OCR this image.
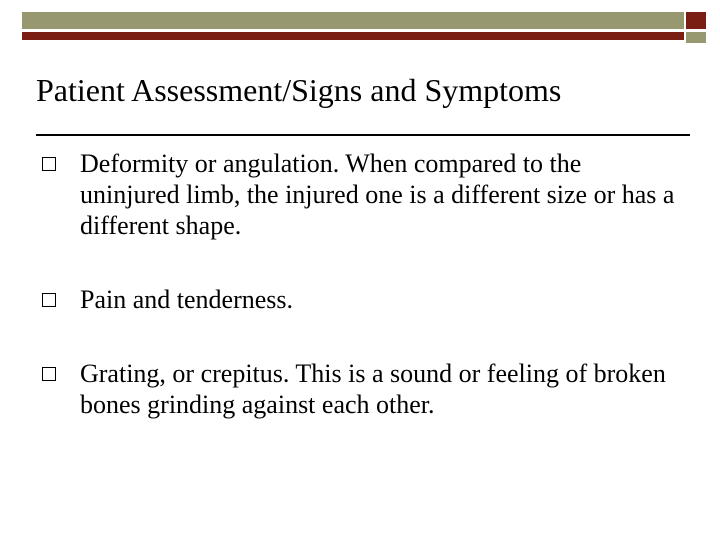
Patient Assessment/Signs and Symptoms
Deformity or angulation. When compared to the uninjured limb, the injured one is a different size or has a different shape.
Pain and tenderness.
Grating, or crepitus. This is a sound or feeling of broken bones grinding against each other.
